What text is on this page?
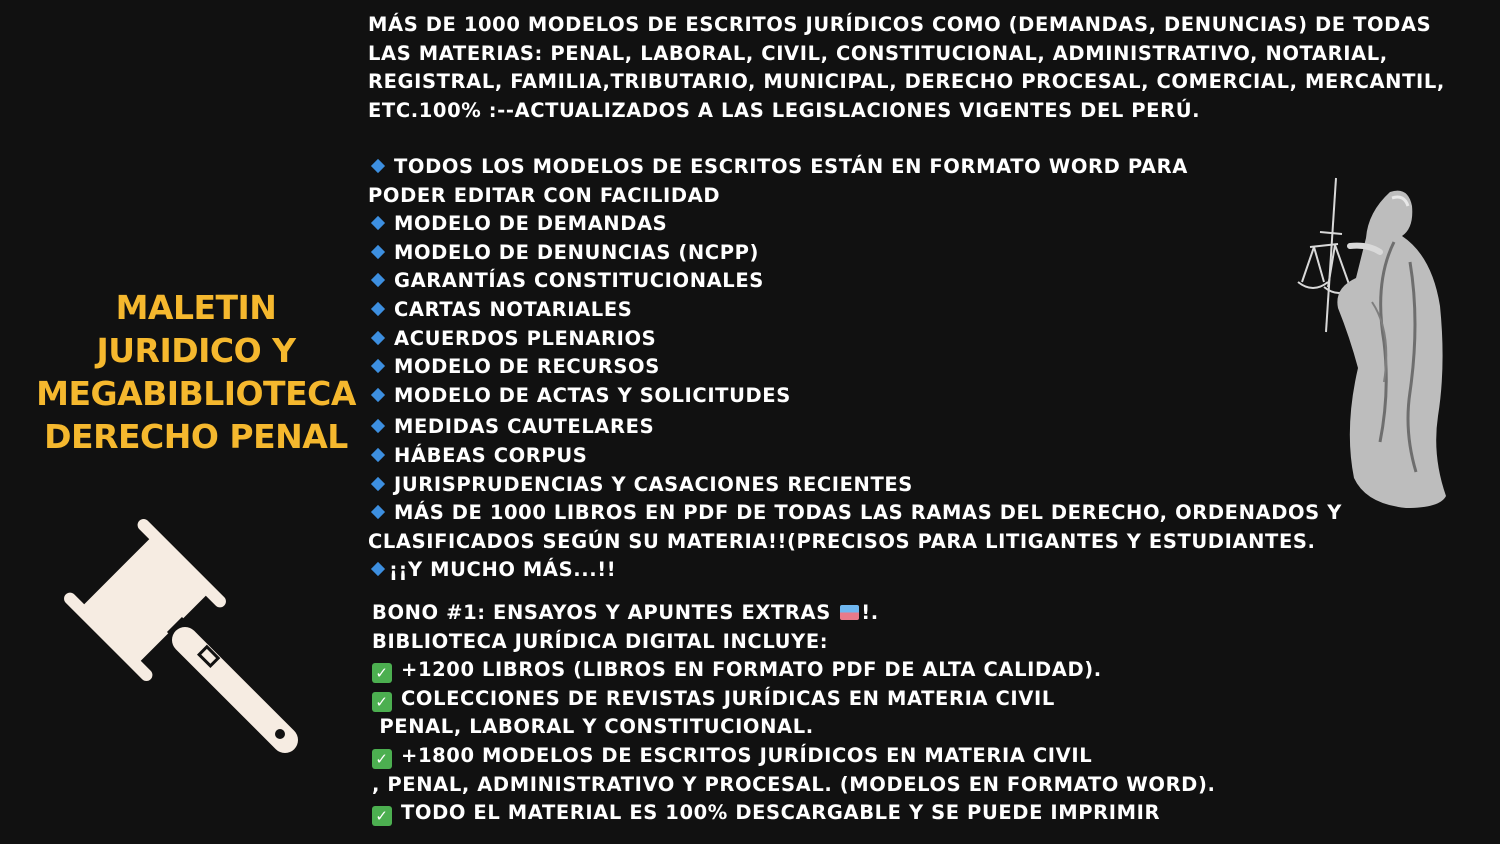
MALETIN
JURIDICO Y
MEGABIBLIOTECA
DERECHO PENAL
MÁS DE 1000 MODELOS DE ESCRITOS JURÍDICOS COMO (DEMANDAS, DENUNCIAS) DE TODAS
LAS MATERIAS: PENAL, LABORAL, CIVIL, CONSTITUCIONAL, ADMINISTRATIVO, NOTARIAL,
REGISTRAL, FAMILIA,TRIBUTARIO, MUNICIPAL, DERECHO PROCESAL, COMERCIAL, MERCANTIL,
ETC.100% :--ACTUALIZADOS A LAS LEGISLACIONES VIGENTES DEL PERÚ.
TODOS LOS MODELOS DE ESCRITOS ESTÁN EN FORMATO WORD PARA
PODER EDITAR CON FACILIDAD
MODELO DE DEMANDAS
MODELO DE DENUNCIAS (NCPP)
GARANTÍAS CONSTITUCIONALES
CARTAS NOTARIALES
ACUERDOS PLENARIOS
MODELO DE RECURSOS
MODELO DE ACTAS Y SOLICITUDES
MEDIDAS CAUTELARES
HÁBEAS CORPUS
JURISPRUDENCIAS Y CASACIONES RECIENTES
MÁS DE 1000 LIBROS EN PDF DE TODAS LAS RAMAS DEL DERECHO, ORDENADOS Y
CLASIFICADOS SEGÚN SU MATERIA!!(PRECISOS PARA LITIGANTES Y ESTUDIANTES.
¡¡Y MUCHO MÁS...!!
BONO #1: ENSAYOS Y APUNTES EXTRAS !.
BIBLIOTECA JURÍDICA DIGITAL INCLUYE:
✓ +1200 LIBROS (LIBROS EN FORMATO PDF DE ALTA CALIDAD).
✓ COLECCIONES DE REVISTAS JURÍDICAS EN MATERIA CIVIL
PENAL, LABORAL Y CONSTITUCIONAL.
✓ +1800 MODELOS DE ESCRITOS JURÍDICOS EN MATERIA CIVIL
, PENAL, ADMINISTRATIVO Y PROCESAL. (MODELOS EN FORMATO WORD).
✓ TODO EL MATERIAL ES 100% DESCARGABLE Y SE PUEDE IMPRIMIR
